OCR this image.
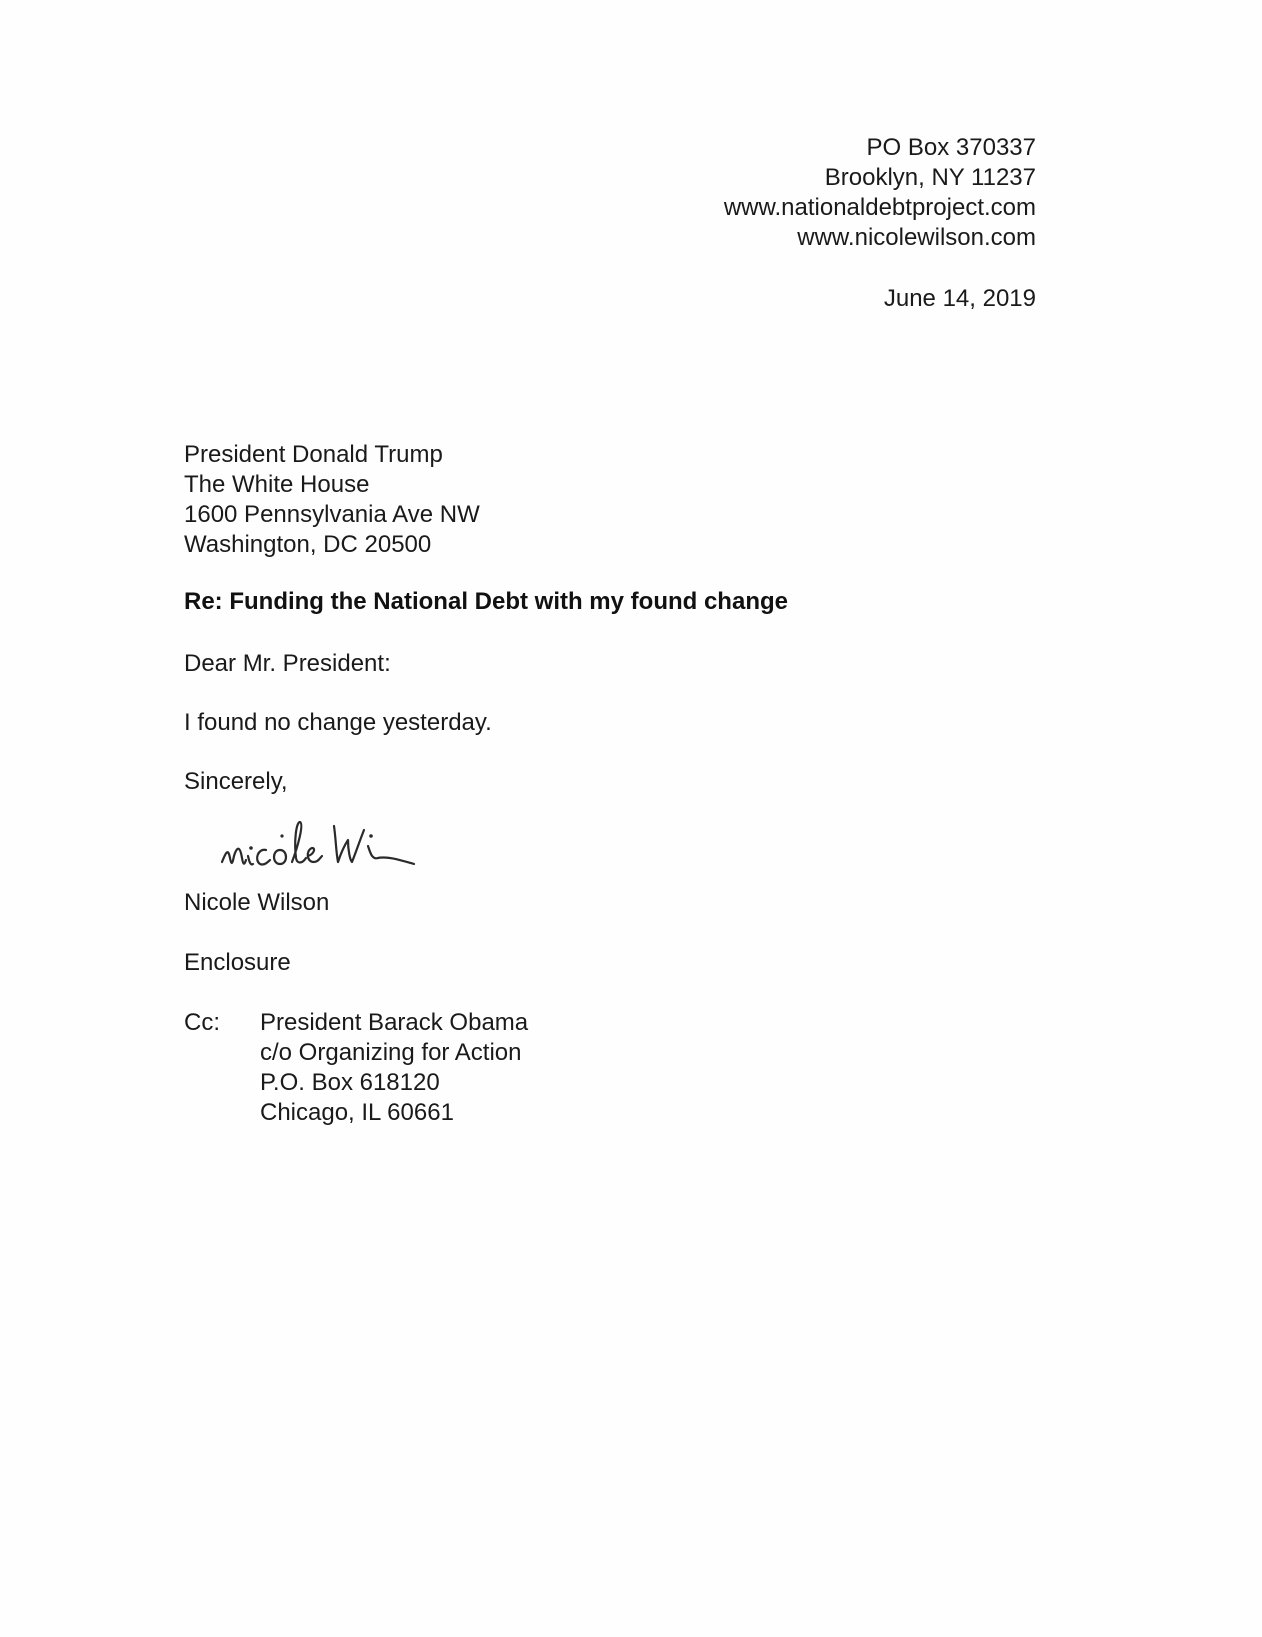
PO Box 370337
Brooklyn, NY 11237
www.nationaldebtproject.com
www.nicolewilson.com
June 14, 2019
President Donald Trump
The White House
1600 Pennsylvania Ave NW
Washington, DC 20500
Re: Funding the National Debt with my found change
Dear Mr. President:
I found no change yesterday.
Sincerely,
Nicole Wilson
Enclosure
Cc: President Barack Obama
c/o Organizing for Action
P.O. Box 618120
Chicago, IL 60661
